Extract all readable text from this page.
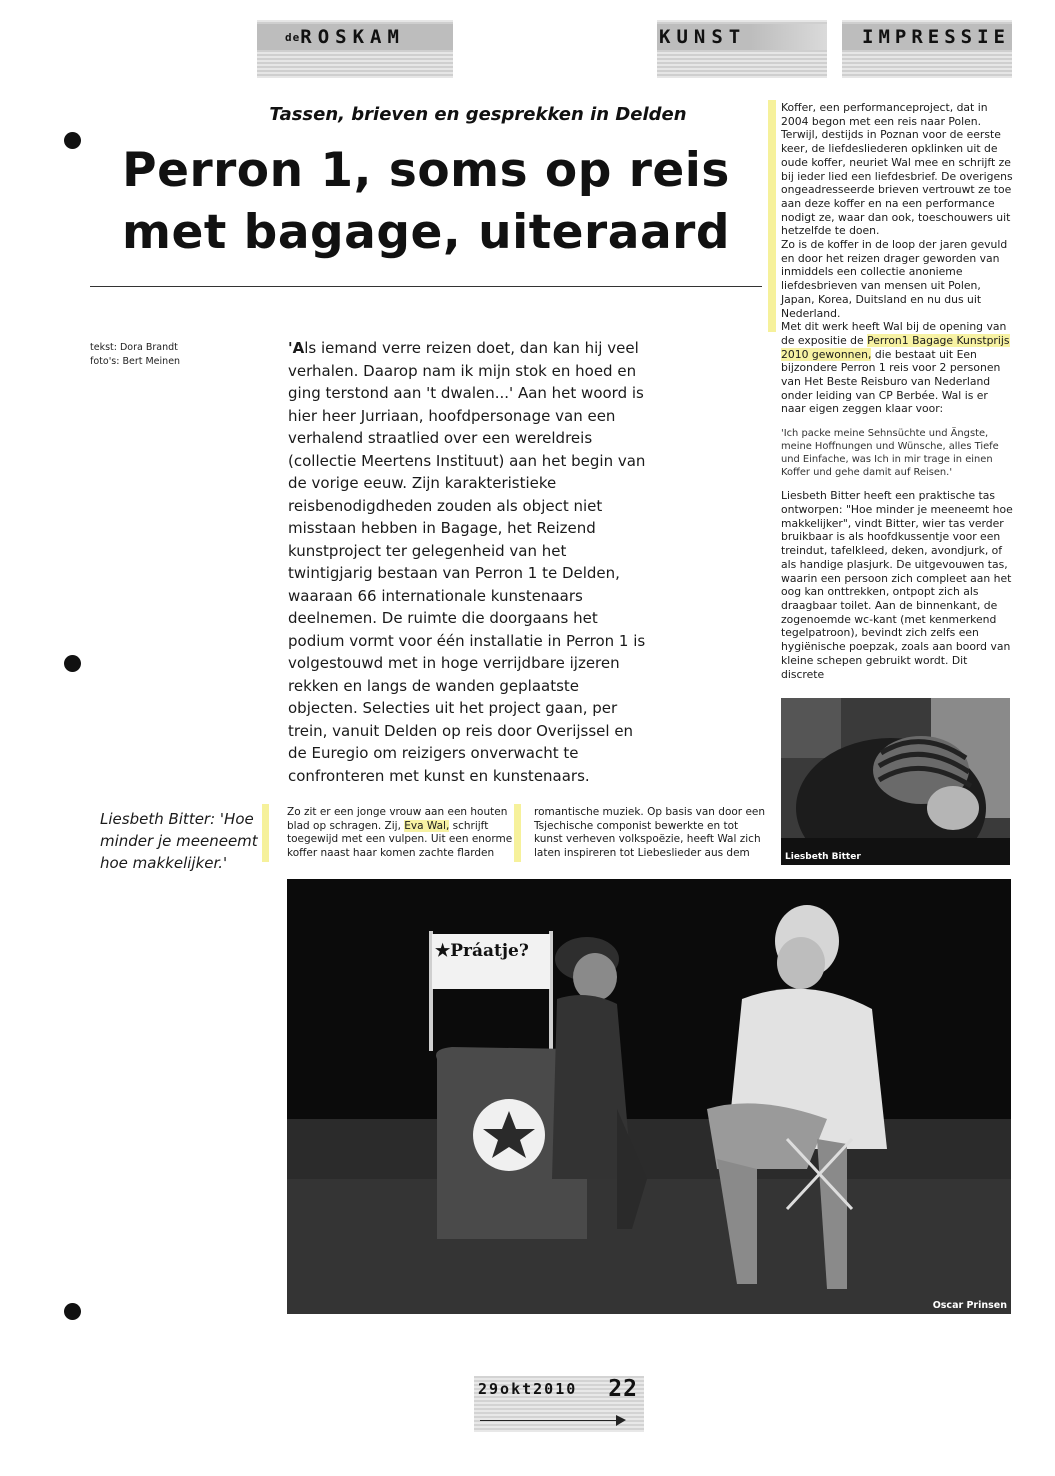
deROSKAM	KUNST	IMPRESSIE
Tassen, brieven en gesprekken in Delden
Perron 1, soms op reis
met bagage, uiteraard
tekst: Dora Brandt
foto's: Bert Meinen
'Als iemand verre reizen doet, dan kan hij veel verhalen. Daarop nam ik mijn stok en hoed en ging terstond aan 't dwalen...' Aan het woord is hier heer Jurriaan, hoofdpersonage van een verhalend straatlied over een wereldreis (collectie Meertens Instituut) aan het begin van de vorige eeuw. Zijn karakteristieke reisbenodigdheden zouden als object niet misstaan hebben in Bagage, het Reizend kunstproject ter gelegenheid van het twintigjarig bestaan van Perron 1 te Delden, waaraan 66 internationale kunstenaars deelnemen. De ruimte die doorgaans het podium vormt voor één installatie in Perron 1 is volgestouwd met in hoge verrijdbare ijzeren rekken en langs de wanden geplaatste objecten. Selecties uit het project gaan, per trein, vanuit Delden op reis door Overijssel en de Euregio om reizigers onverwacht te confronteren met kunst en kunstenaars.

Koffer, een performanceproject, dat in 2004 begon met een reis naar Polen. Terwijl, destijds in Poznan voor de eerste keer, de liefdesliederen opklinken uit de oude koffer, neuriet Wal mee en schrijft ze bij ieder lied een liefdesbrief. De overigens ongeadresseerde brieven vertrouwt ze toe aan deze koffer en na een performance nodigt ze, waar dan ook, toeschouwers uit hetzelfde te doen.

Zo is de koffer in de loop der jaren gevuld en door het reizen drager geworden van inmiddels een collectie anonieme liefdesbrieven van mensen uit Polen, Japan, Korea, Duitsland en nu dus uit Nederland.

Met dit werk heeft Wal bij de opening van de expositie de Perron1 Bagage Kunstprijs 2010 gewonnen, die bestaat uit Een bijzondere Perron 1 reis voor 2 personen van Het Beste Reisburo van Nederland onder leiding van CP Berbée. Wal is er naar eigen zeggen klaar voor:

'Ich packe meine Sehnsüchte und Ängste, meine Hoffnungen und Wünsche, alles Tiefe und Einfache, was Ich in mir trage in einen Koffer und gehe damit auf Reisen.'

Liesbeth Bitter heeft een praktische tas ontworpen: "Hoe minder je meeneemt hoe makkelijker", vindt Bitter, wier tas verder bruikbaar is als hoofdkussentje voor een treindut, tafelkleed, deken, avondjurk, of als handige plasjurk. De uitgevouwen tas, waarin een persoon zich compleet aan het oog kan onttrekken, ontpopt zich als draagbaar toilet. Aan de binnenkant, de zogenoemde wc-kant (met kenmerkend tegelpatroon), bevindt zich zelfs een hygiënische poepzak, zoals aan boord van kleine schepen gebruikt wordt. Dit discrete

Liesbeth Bitter
Liesbeth Bitter: 'Hoe minder je meeneemt hoe makkelijker.'
Zo zit er een jonge vrouw aan een houten blad op schragen. Zij, Eva Wal, schrijft toegewijd met een vulpen. Uit een enorme koffer naast haar komen zachte flarden
romantische muziek. Op basis van door een Tsjechische componist bewerkte en tot kunst verheven volkspoëzie, heeft Wal zich laten inspireren tot Liebeslieder aus dem
★Práatje?
Oscar Prinsen
29okt2010 22
